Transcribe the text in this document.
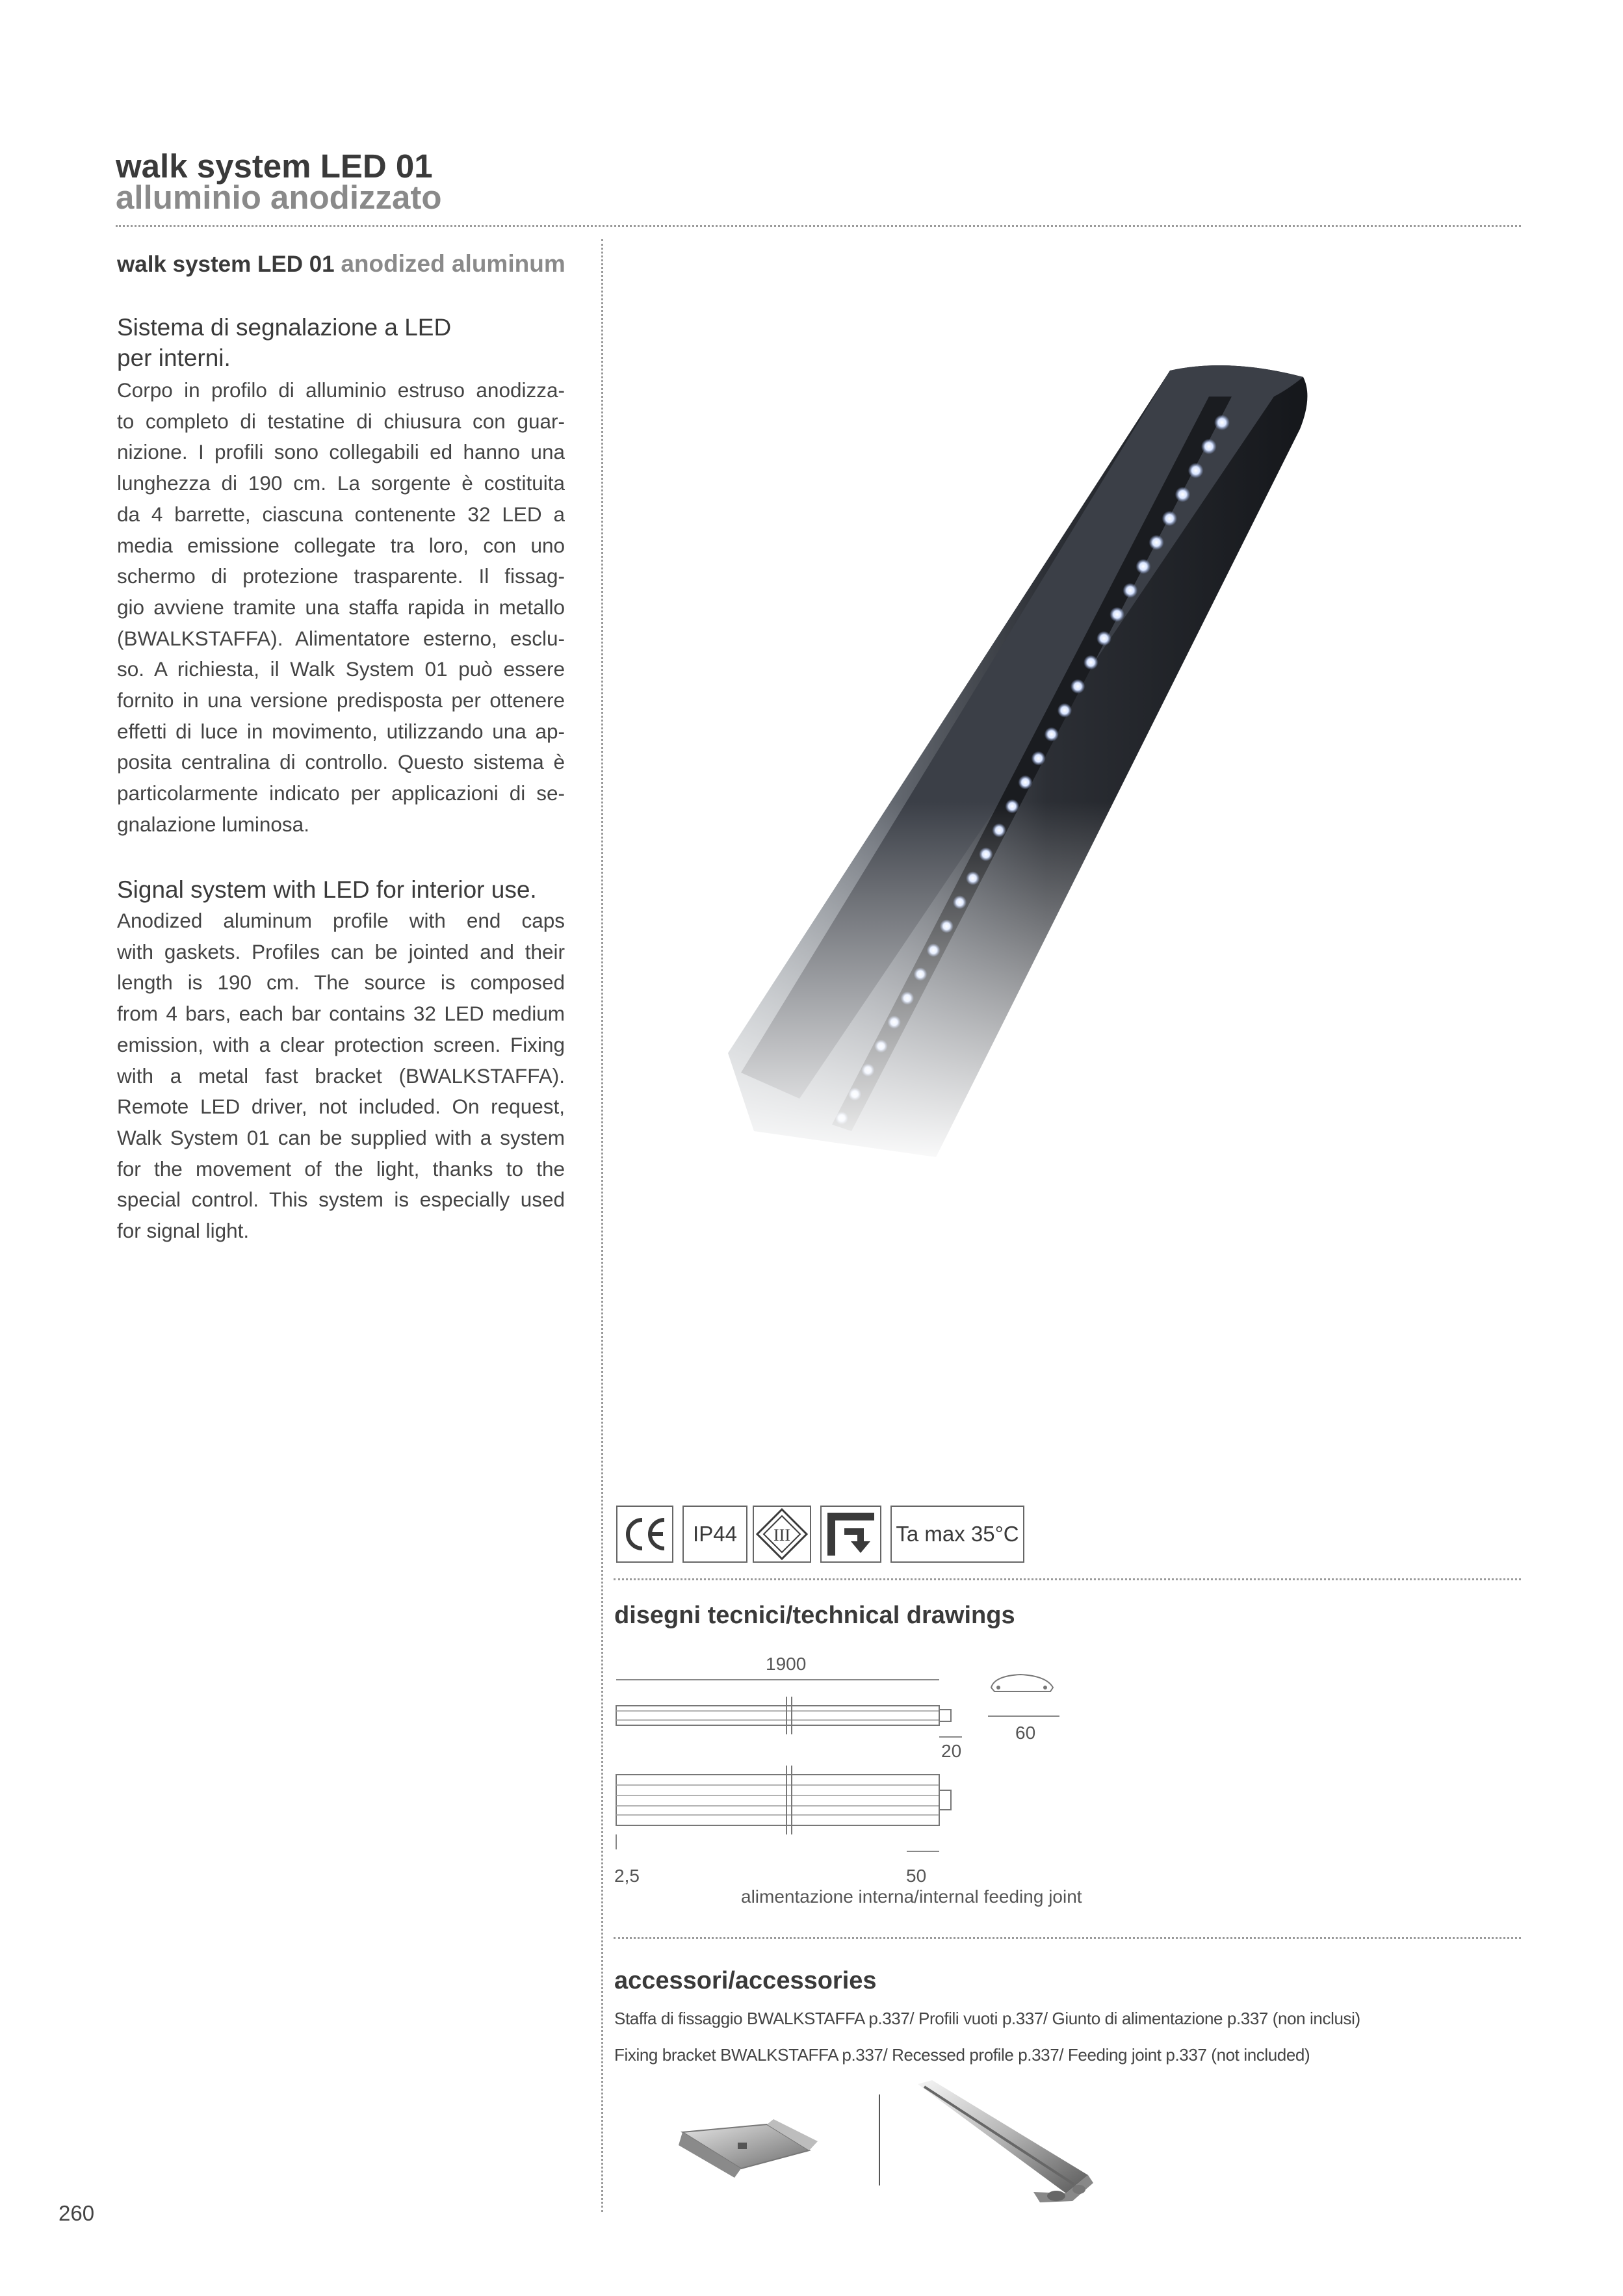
walk system LED 01
alluminio anodizzato
walk system LED 01 anodized aluminum
Sistema di segnalazione a LED
per interni.
Corpo in profilo di alluminio estruso anodizza-
to completo di testatine di chiusura con guar-
nizione. I profili sono collegabili ed hanno una
lunghezza di 190 cm. La sorgente è costituita
da 4 barrette, ciascuna contenente 32 LED a
media emissione collegate tra loro, con uno
schermo di protezione trasparente. Il fissag-
gio avviene tramite una staffa rapida in metallo
(BWALKSTAFFA). Alimentatore esterno, esclu-
so. A richiesta, il Walk System 01 può essere
fornito in una versione predisposta per ottenere
effetti di luce in movimento, utilizzando una ap-
posita centralina di controllo. Questo sistema è
particolarmente indicato per applicazioni di se-
gnalazione luminosa.
Signal system with LED for interior use.
Anodized aluminum profile with end caps
with gaskets. Profiles can be jointed and their
length is 190 cm. The source is composed
from 4 bars, each bar contains 32 LED medium
emission, with a clear protection screen. Fixing
with a metal fast bracket (BWALKSTAFFA).
Remote LED driver, not included. On request,
Walk System 01 can be supplied with a system
for the movement of the light, thanks to the
special control. This system is especially used
for signal light.
IP44 III	Ta max 35°C
disegni tecnici/technical drawings
1900
20
60
2,5	50
alimentazione interna/internal feeding joint
accessori/accessories
Staffa di fissaggio BWALKSTAFFA p.337/ Profili vuoti p.337/ Giunto di alimentazione p.337 (non inclusi)
Fixing bracket BWALKSTAFFA p.337/ Recessed profile p.337/ Feeding joint p.337 (not included)
260
